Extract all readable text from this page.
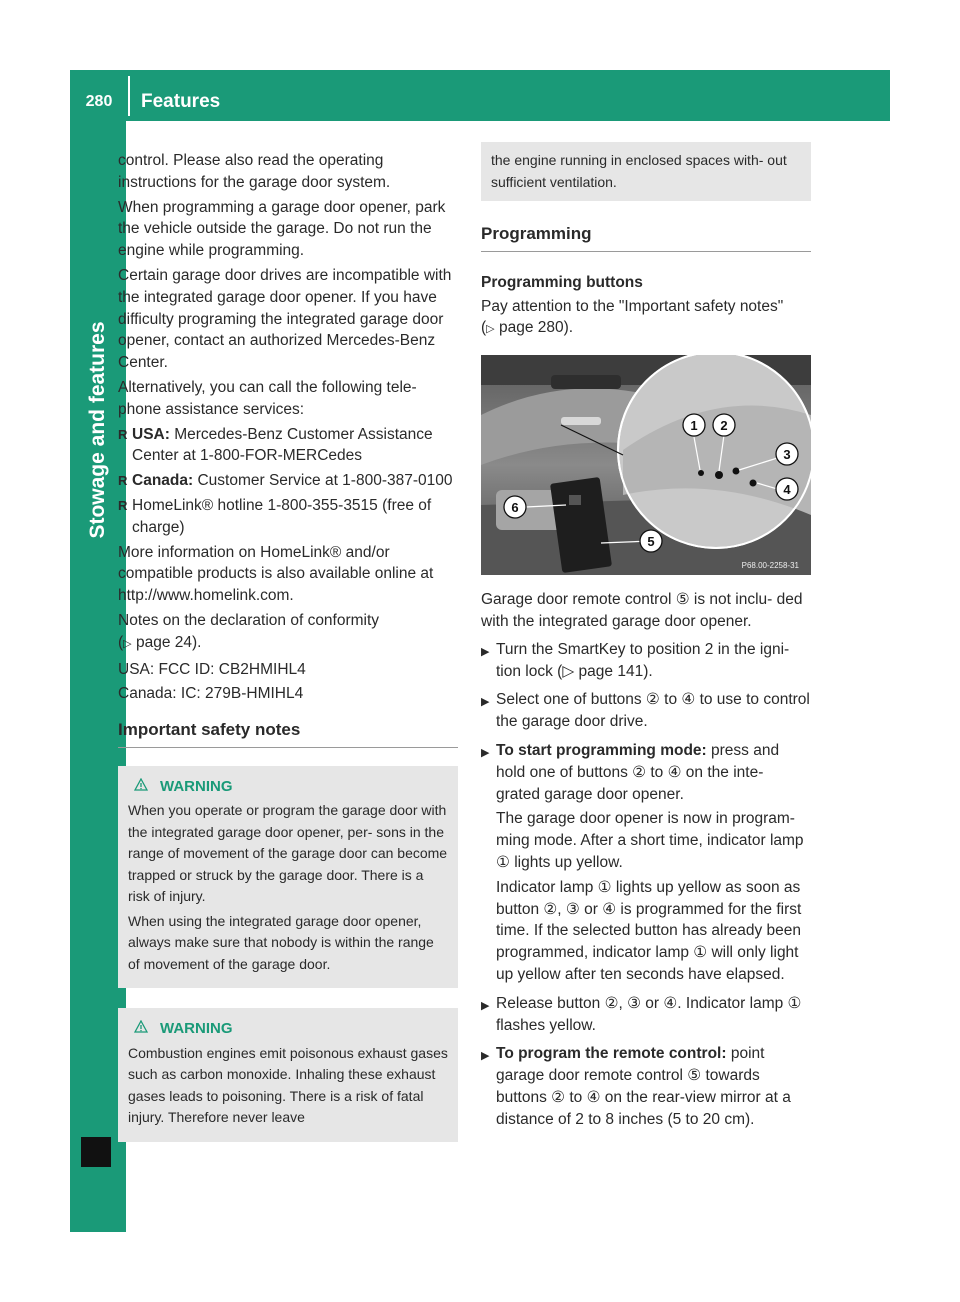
280	Features
Stowage and features

control. Please also read the operating instructions for the garage door system.

When programming a garage door opener, park the vehicle outside the garage. Do not run the engine while programming.

Certain garage door drives are incompatible with the integrated garage door opener. If you have difficulty programing the integrated garage door opener, contact an authorized Mercedes-Benz Center.

Alternatively, you can call the following tele- phone assistance services:

R USA: Mercedes-Benz Customer Assistance Center at 1-800-FOR-MERCedes
R Canada: Customer Service at 1-800-387-0100
R HomeLink® hotline 1-800-355-3515 (free of charge)

More information on HomeLink® and/or compatible products is also available online at http://www.homelink.com.

Notes on the declaration of conformity
(▷ page 24).

USA: FCC ID: CB2HMIHL4

Canada: IC: 279B-HMIHL4

Important safety notes
WARNING

When you operate or program the garage door with the integrated garage door opener, per- sons in the range of movement of the garage door can become trapped or struck by the garage door. There is a risk of injury.

When using the integrated garage door opener, always make sure that nobody is within the range of movement of the garage door.

WARNING

Combustion engines emit poisonous exhaust gases such as carbon monoxide. Inhaling these exhaust gases leads to poisoning. There is a risk of fatal injury. Therefore never leave

the engine running in enclosed spaces with- out sufficient ventilation.
Programming
Programming buttons

Pay attention to the "Important safety notes"
(▷ page 280).

1 2
3
4
5
6
P68.00-2258-31

Garage door remote control ⑤ is not inclu- ded with the integrated garage door opener.

▶ Turn the SmartKey to position 2 in the igni- tion lock (▷ page 141).

▶ Select one of buttons ② to ④ to use to control the garage door drive.

▶ To start programming mode: press and hold one of buttons ② to ④ on the inte- grated garage door opener.

The garage door opener is now in program- ming mode. After a short time, indicator lamp ① lights up yellow.

Indicator lamp ① lights up yellow as soon as button ②, ③ or ④ is programmed for the first time. If the selected button has already been programmed, indicator lamp ① will only light up yellow after ten seconds have elapsed.

▶ Release button ②, ③ or ④. Indicator lamp ① flashes yellow.

▶ To program the remote control: point garage door remote control ⑤ towards buttons ② to ④ on the rear-view mirror at a distance of 2 to 8 inches (5 to 20 cm).
